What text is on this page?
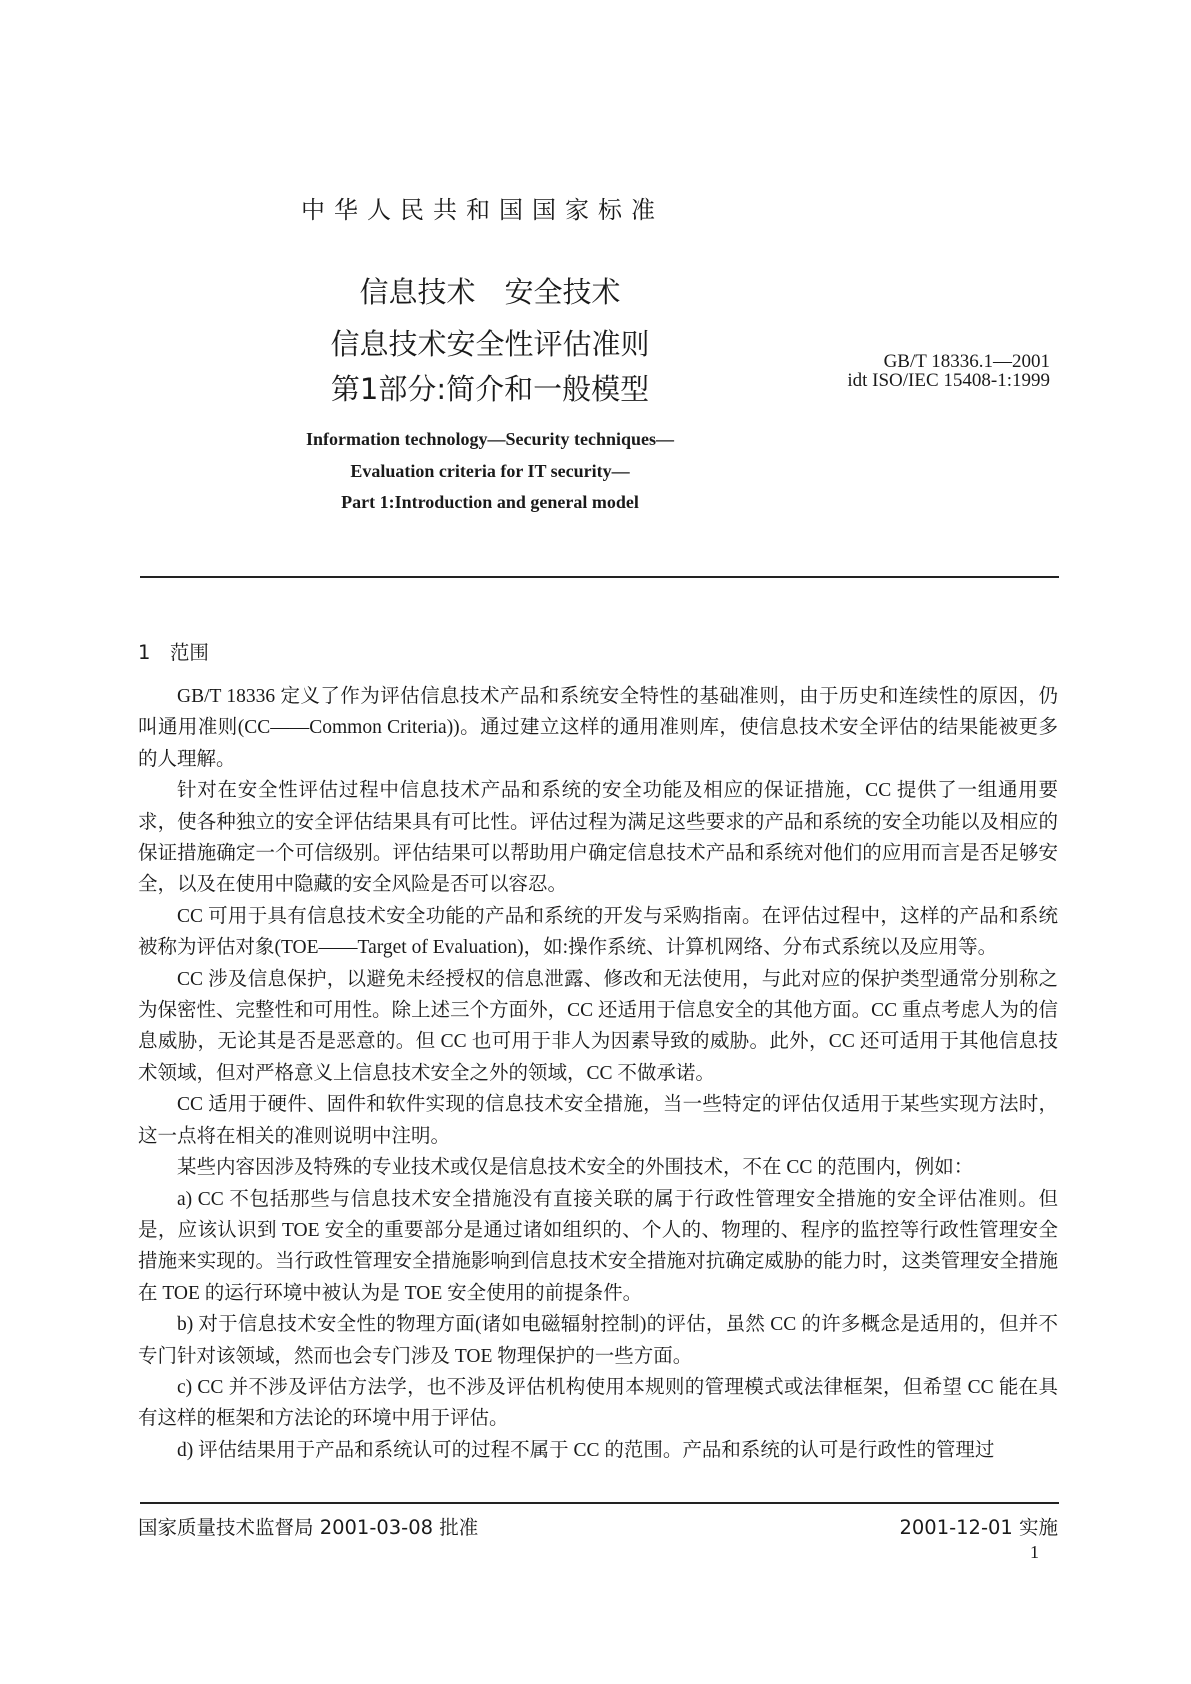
中华人民共和国国家标准
信息技术　安全技术
信息技术安全性评估准则
第1部分:简介和一般模型
GB/T 18336.1—2001
idt ISO/IEC 15408-1:1999
Information technology—Security techniques—
Evaluation criteria for IT security—
Part 1:Introduction and general model
1　范围

GB/T 18336 定义了作为评估信息技术产品和系统安全特性的基础准则，由于历史和连续性的原因，仍叫通用准则(CC——Common Criteria))。通过建立这样的通用准则库，使信息技术安全评估的结果能被更多的人理解。

针对在安全性评估过程中信息技术产品和系统的安全功能及相应的保证措施，CC 提供了一组通用要求，使各种独立的安全评估结果具有可比性。评估过程为满足这些要求的产品和系统的安全功能以及相应的保证措施确定一个可信级别。评估结果可以帮助用户确定信息技术产品和系统对他们的应用而言是否足够安全，以及在使用中隐藏的安全风险是否可以容忍。

CC 可用于具有信息技术安全功能的产品和系统的开发与采购指南。在评估过程中，这样的产品和系统被称为评估对象(TOE——Target of Evaluation)，如:操作系统、计算机网络、分布式系统以及应用等。

CC 涉及信息保护，以避免未经授权的信息泄露、修改和无法使用，与此对应的保护类型通常分别称之为保密性、完整性和可用性。除上述三个方面外，CC 还适用于信息安全的其他方面。CC 重点考虑人为的信息威胁，无论其是否是恶意的。但 CC 也可用于非人为因素导致的威胁。此外，CC 还可适用于其他信息技术领域，但对严格意义上信息技术安全之外的领域，CC 不做承诺。

CC 适用于硬件、固件和软件实现的信息技术安全措施，当一些特定的评估仅适用于某些实现方法时，这一点将在相关的准则说明中注明。

某些内容因涉及特殊的专业技术或仅是信息技术安全的外围技术，不在 CC 的范围内，例如：

a) CC 不包括那些与信息技术安全措施没有直接关联的属于行政性管理安全措施的安全评估准则。但是，应该认识到 TOE 安全的重要部分是通过诸如组织的、个人的、物理的、程序的监控等行政性管理安全措施来实现的。当行政性管理安全措施影响到信息技术安全措施对抗确定威胁的能力时，这类管理安全措施在 TOE 的运行环境中被认为是 TOE 安全使用的前提条件。

b) 对于信息技术安全性的物理方面(诸如电磁辐射控制)的评估，虽然 CC 的许多概念是适用的，但并不专门针对该领域，然而也会专门涉及 TOE 物理保护的一些方面。

c) CC 并不涉及评估方法学，也不涉及评估机构使用本规则的管理模式或法律框架，但希望 CC 能在具有这样的框架和方法论的环境中用于评估。

d) 评估结果用于产品和系统认可的过程不属于 CC 的范围。产品和系统的认可是行政性的管理过

国家质量技术监督局 2001-03-08 批准	2001-12-01 实施
1
